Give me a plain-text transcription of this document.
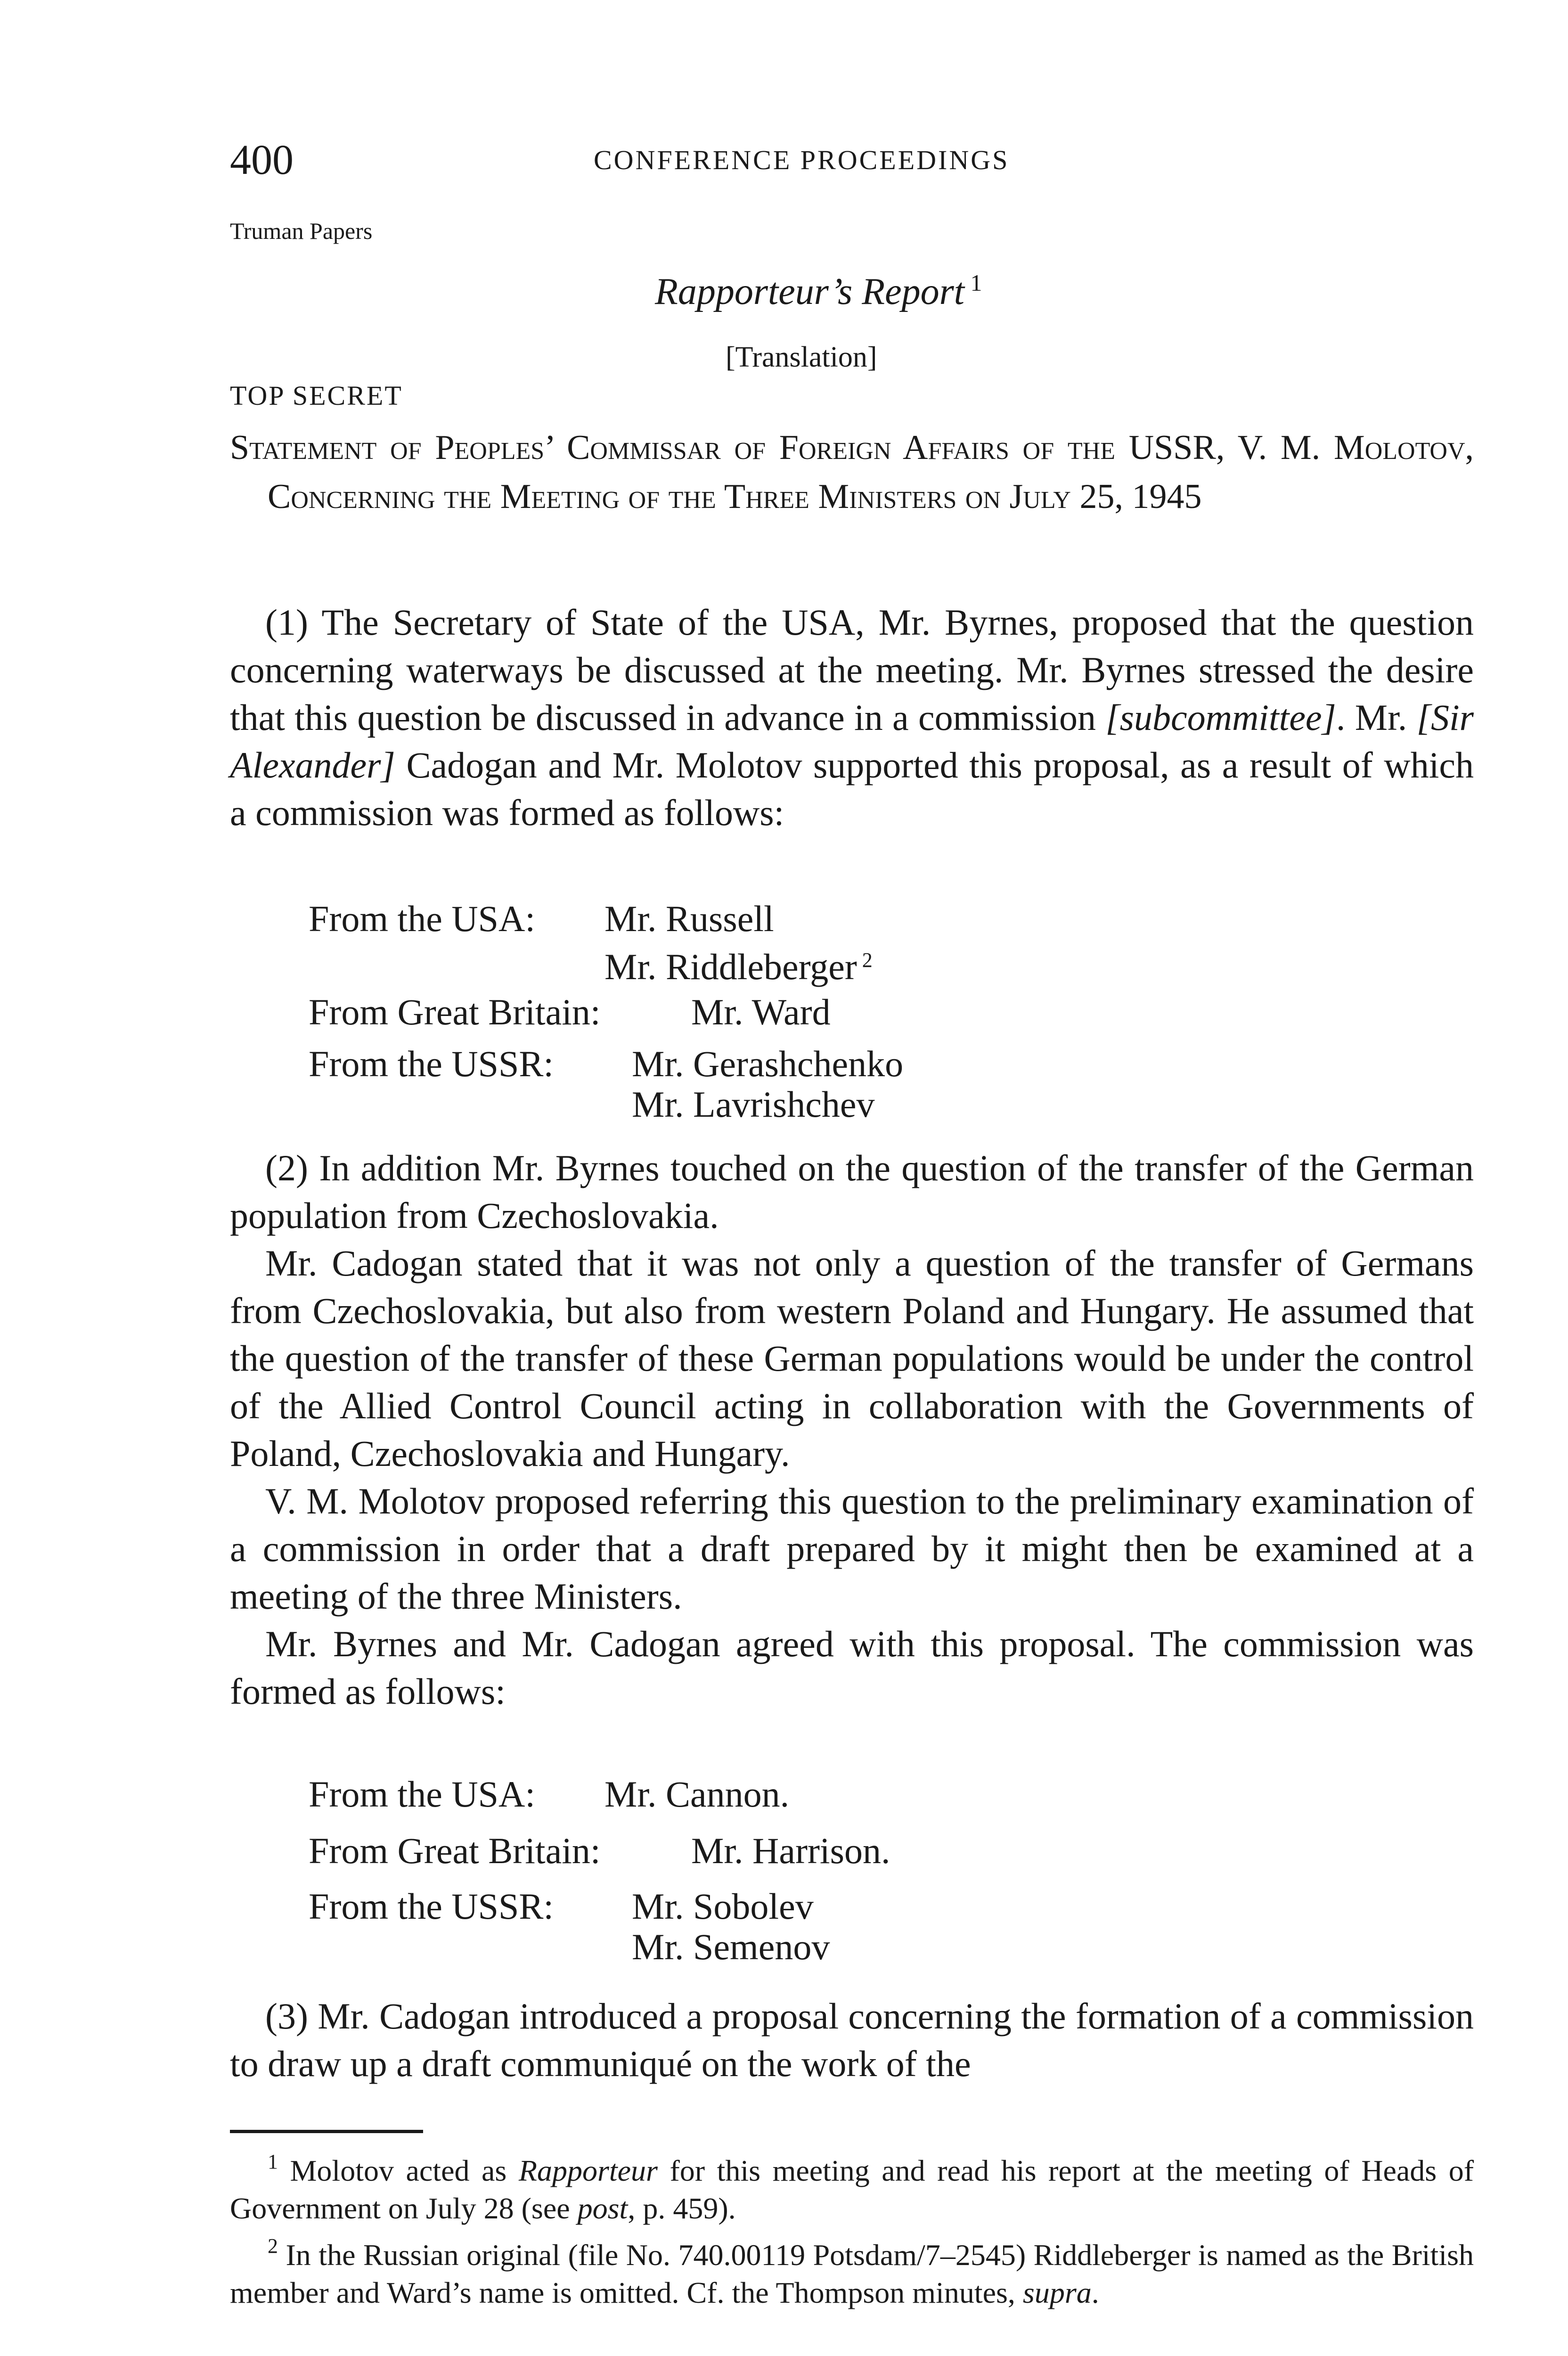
400	CONFERENCE PROCEEDINGS
Truman Papers
Rapporteur’s Report $^1$
[Translation]
TOP SECRET
Statement of Peoples’ Commissar of Foreign Affairs of the USSR, V. M. Molotov, Concerning the Meeting of the Three Ministers on July 25, 1945

(1) The Secretary of State of the USA, Mr. Byrnes, proposed that the question concerning waterways be discussed at the meeting. Mr. Byrnes stressed the desire that this question be discussed in advance in a commission [subcommittee]. Mr. [Sir Alexander] Cadogan and Mr. Molotov supported this proposal, as a result of which a commission was formed as follows:

From the USA: Mr. Russell
Mr. Riddleberger $^2$
From Great Britain: Mr. Ward
From the USSR: Mr. Gerashchenko
Mr. Lavrishchev

(2) In addition Mr. Byrnes touched on the question of the transfer of the German population from Czechoslovakia.

Mr. Cadogan stated that it was not only a question of the transfer of Germans from Czechoslovakia, but also from western Poland and Hungary. He assumed that the question of the transfer of these German populations would be under the control of the Allied Control Council acting in collaboration with the Governments of Poland, Czechoslovakia and Hungary.

V. M. Molotov proposed referring this question to the preliminary examination of a commission in order that a draft prepared by it might then be examined at a meeting of the three Ministers.

Mr. Byrnes and Mr. Cadogan agreed with this proposal. The commission was formed as follows:

From the USA: Mr. Cannon.
From Great Britain: Mr. Harrison.
From the USSR: Mr. Sobolev
Mr. Semenov

(3) Mr. Cadogan introduced a proposal concerning the formation of a commission to draw up a draft communiqué on the work of the

$^1$ Molotov acted as Rapporteur for this meeting and read his report at the meeting of Heads of Government on July 28 (see post, p. 459).

$^2$ In the Russian original (file No. 740.00119 Potsdam/7–2545) Riddleberger is named as the British member and Ward’s name is omitted. Cf. the Thompson minutes, supra.
